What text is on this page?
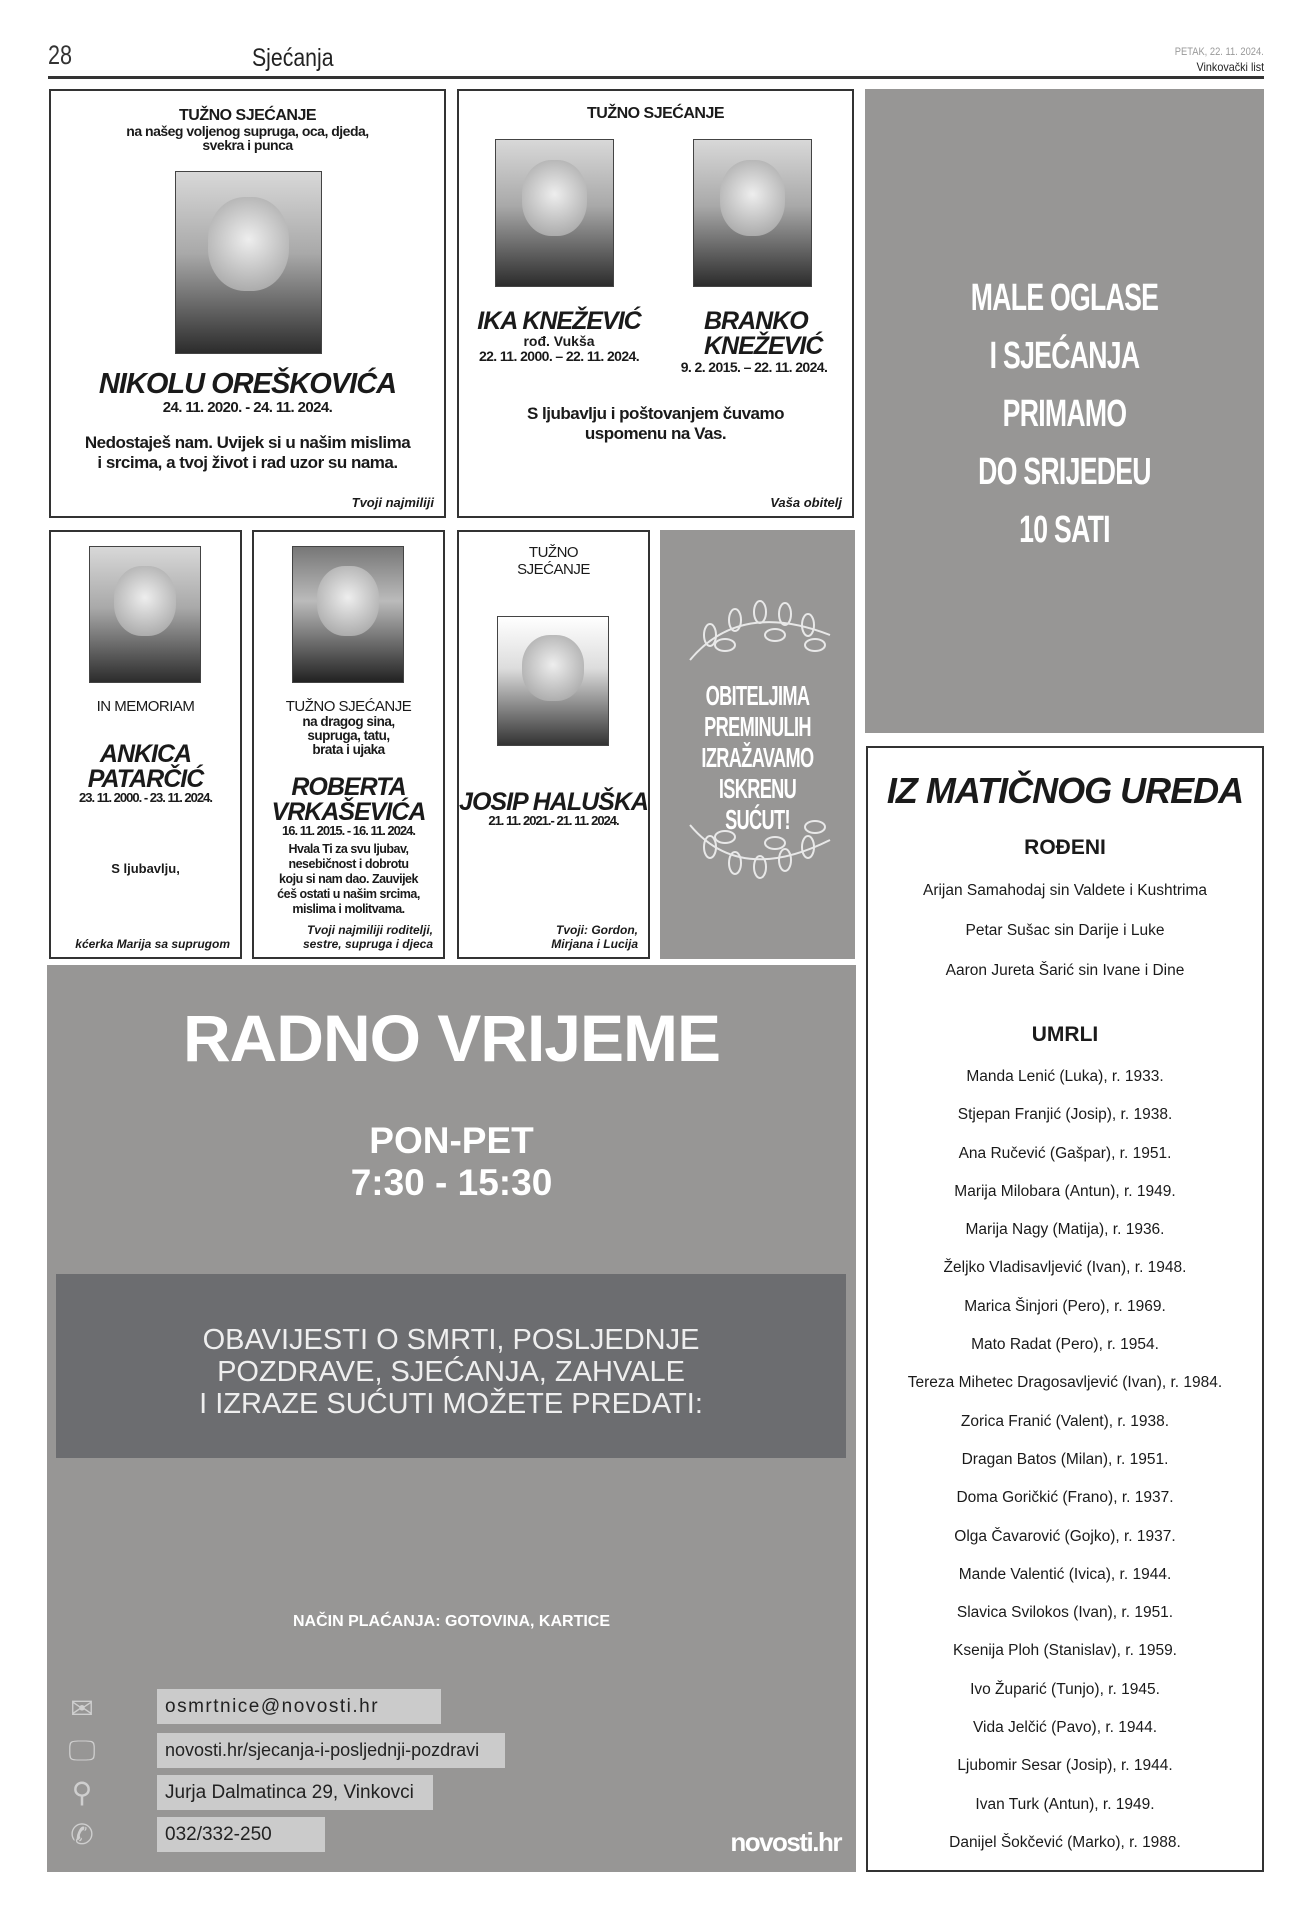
28	Sjećanja	PETAK, 22. 11. 2024.
Vinkovački list
TUŽNO SJEĆANJE
na našeg voljenog supruga, oca, djeda,
svekra i punca
NIKOLU OREŠKOVIĆA
24. 11. 2020. - 24. 11. 2024.
Nedostaješ nam. Uvijek si u našim mislima
i srcima, a tvoj život i rad uzor su nama.
Tvoji najmiliji
TUŽNO SJEĆANJE
IKA KNEŽEVIĆ
rođ. Vukša
22. 11. 2000. – 22. 11. 2024.
BRANKO KNEŽEVIĆ
9. 2. 2015. – 22. 11. 2024.
S ljubavlju i poštovanjem čuvamo
uspomenu na Vas.
Vaša obitelj
MALE OGLASE
I SJEĆANJA
PRIMAMO
DO SRIJEDEU
10 SATI
IN MEMORIAM
ANKICA
PATARČIĆ
23. 11. 2000. - 23. 11. 2024.
S ljubavlju,
kćerka Marija sa suprugom
TUŽNO SJEĆANJE
na dragog sina,
supruga, tatu,
brata i ujaka
ROBERTA
VRKAŠEVIĆA
16. 11. 2015. - 16. 11. 2024.
Hvala Ti za svu ljubav,
nesebičnost i dobrotu
koju si nam dao. Zauvijek
ćeš ostati u našim srcima,
mislima i molitvama.
Tvoji najmiliji roditelji,
sestre, supruga i djeca
TUŽNO
SJEĆANJE
JOSIP HALUŠKA
21. 11. 2021.- 21. 11. 2024.
Tvoji: Gordon,
Mirjana i Lucija
OBITELJIMA
PREMINULIH
IZRAŽAVAMO
ISKRENU SUĆUT!
IZ MATIČNOG UREDA
ROĐENI
Arijan Samahodaj sin Valdete i Kushtrima
Petar Sušac sin Darije i Luke
Aaron Jureta Šarić sin Ivane i Dine
UMRLI
Manda Lenić (Luka), r. 1933.
Stjepan Franjić (Josip), r. 1938.
Ana Ručević (Gašpar), r. 1951.
Marija Milobara (Antun), r. 1949.
Marija Nagy (Matija), r. 1936.
Željko Vladisavljević (Ivan), r. 1948.
Marica Šinjori (Pero), r. 1969.
Mato Radat (Pero), r. 1954.
Tereza Mihetec Dragosavljević (Ivan), r. 1984.
Zorica Franić (Valent), r. 1938.
Dragan Batos (Milan), r. 1951.
Doma Goričkić (Frano), r. 1937.
Olga Čavarović (Gojko), r. 1937.
Mande Valentić (Ivica), r. 1944.
Slavica Svilokos (Ivan), r. 1951.
Ksenija Ploh (Stanislav), r. 1959.
Ivo Župarić (Tunjo), r. 1945.
Vida Jelčić (Pavo), r. 1944.
Ljubomir Sesar (Josip), r. 1944.
Ivan Turk (Antun), r. 1949.
Danijel Šokčević (Marko), r. 1988.
RADNO VRIJEME
PON-PET
7:30 - 15:30
OBAVIJESTI O SMRTI, POSLJEDNJE
POZDRAVE, SJEĆANJA, ZAHVALE
I IZRAZE SUĆUTI MOŽETE PREDATI:
NAČIN PLAĆANJA: GOTOVINA, KARTICE
✉	osmrtnice@novosti.hr
🖵	novosti.hr/sjecanja-i-posljednji-pozdravi
⚲	Jurja Dalmatinca 29, Vinkovci
✆	032/332-250	novosti.hr
